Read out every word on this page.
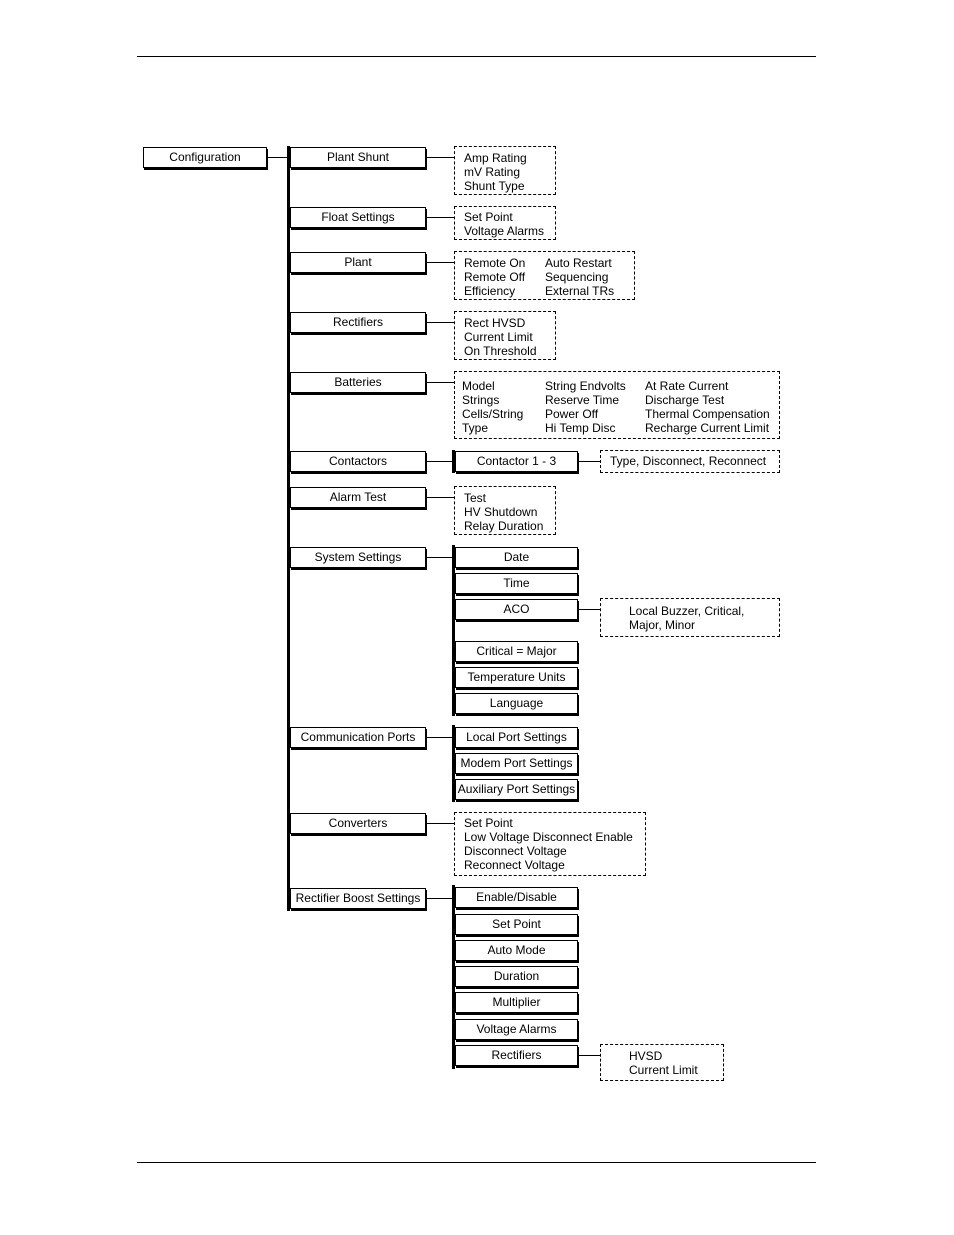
Configuration	Plant Shunt
Float Settings
Plant
Rectifiers
Batteries
Contactors
Alarm Test
System Settings
Communication Ports
Converters
Rectifier Boost Settings
Amp Rating
mV Rating
Shunt Type
Set Point
Voltage Alarms
Remote On
Remote Off
Efficiency
Auto Restart
Sequencing
External TRs
Rect HVSD
Current Limit
On Threshold
Model
Strings
Cells/String
Type
String Endvolts
Reserve Time
Power Off
Hi Temp Disc
At Rate Current
Discharge Test
Thermal Compensation
Recharge Current Limit
Contactor 1 - 3	Type, Disconnect, Reconnect
Test
HV Shutdown
Relay Duration
Date
Time
ACO
Critical = Major
Temperature Units
Language
Local Buzzer, Critical,
Major, Minor
Local Port Settings
Modem Port Settings
Auxiliary Port Settings
Set Point
Low Voltage Disconnect Enable
Disconnect Voltage
Reconnect Voltage
Enable/Disable
Set Point
Auto Mode
Duration
Multiplier
Voltage Alarms
Rectifiers	HVSD
Current Limit
